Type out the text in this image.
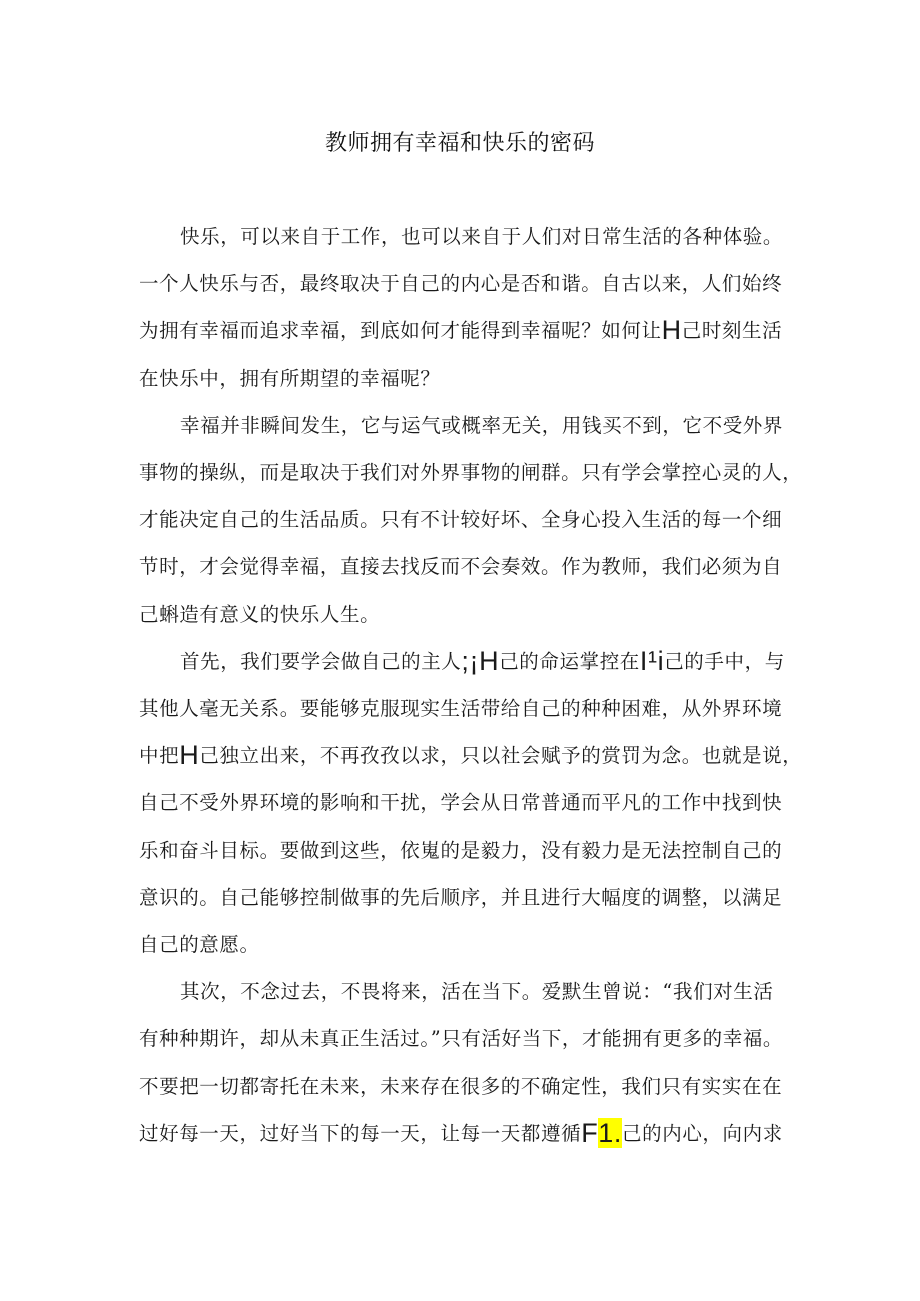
教师拥有幸福和快乐的密码
快乐，可以来自于工作，也可以来自于人们对日常生活的各种体验。
一个人快乐与否，最终取决于自己的内心是否和谐。自古以来，人们始终
为拥有幸福而追求幸福，到底如何才能得到幸福呢？如何让H己时刻生活
在快乐中，拥有所期望的幸福呢？
幸福并非瞬间发生，它与运气或概率无关，用钱买不到，它不受外界
事物的操纵，而是取决于我们对外界事物的闸群。只有学会掌控心灵的人，
才能决定自己的生活品质。只有不计较好坏、全身心投入生活的每一个细
节时，才会觉得幸福，直接去找反而不会奏效。作为教师，我们必须为自
己蝌造有意义的快乐人生。
首先，我们要学会做自己的主人;¡H己的命运掌控在I¹i己的手中，与
其他人毫无关系。要能够克服现实生活带给自己的种种困难，从外界环境
中把H己独立出来，不再孜孜以求，只以社会赋予的赏罚为念。也就是说，
自己不受外界环境的影响和干扰，学会从日常普通而平凡的工作中找到快
乐和奋斗目标。要做到这些，依嵬的是毅力，没有毅力是无法控制自己的
意识的。自己能够控制做事的先后顺序，并且进行大幅度的调整，以满足
自己的意愿。
其次，不念过去，不畏将来，活在当下。爱默生曾说：“我们对生活
有种种期许，却从未真正生活过。”只有活好当下，才能拥有更多的幸福。
不要把一切都寄托在未来，未来存在很多的不确定性，我们只有实实在在
过好每一天，过好当下的每一天，让每一天都遵循F1.己的内心，向内求
